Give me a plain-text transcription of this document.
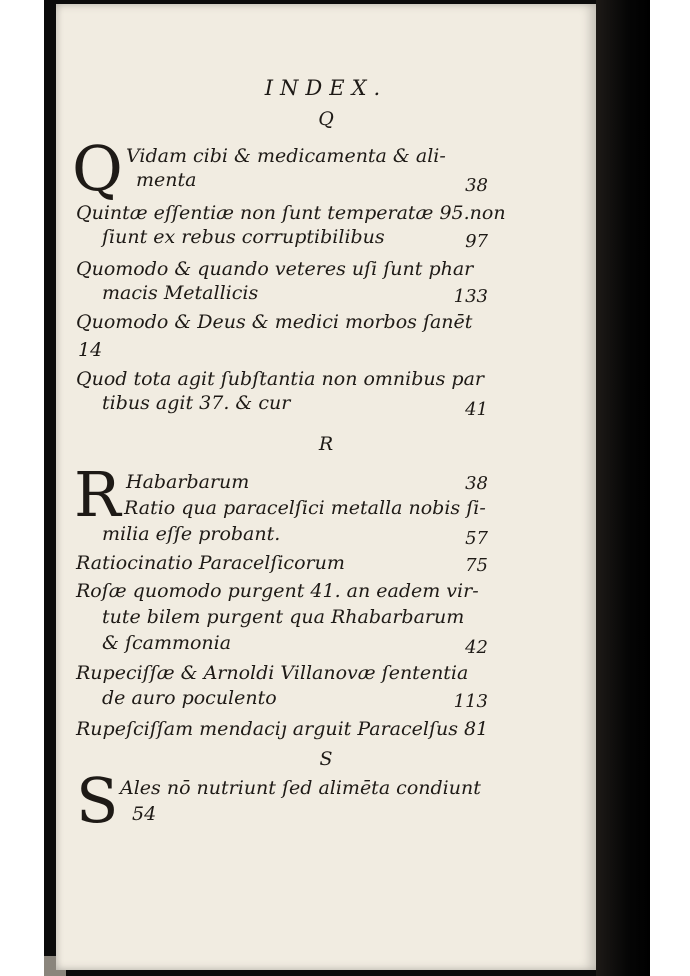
INDEX.
Q
Q Vidam cibi & medicamenta & ali-
menta	38
Quintæ eſſentiæ non ſunt temperatæ 95.non
ſiunt ex rebus corruptibilibus	97
Quomodo & quando veteres uſi ſunt phar
macis Metallicis	133
Quomodo & Deus & medici morbos ſanēt
14
Quod tota agit ſubſtantia non omnibus par
tibus agit 37. & cur	41
R
R Habarbarum	38
Ratio qua paracelſici metalla nobis ſi-
milia eſſe probant.	57
Ratiocinatio Paracelſicorum	75
Roſæ quomodo purgent 41. an eadem vir-
tute bilem purgent qua Rhabarbarum
& ſcammonia	42
Rupeciſſæ & Arnoldi Villanovæ ſententia
de auro poculento	113
Rupeſciſſam mendaciȷ arguit Paracelſus 81
S
S Ales nō nutriunt ſed alimēta condiunt
54
